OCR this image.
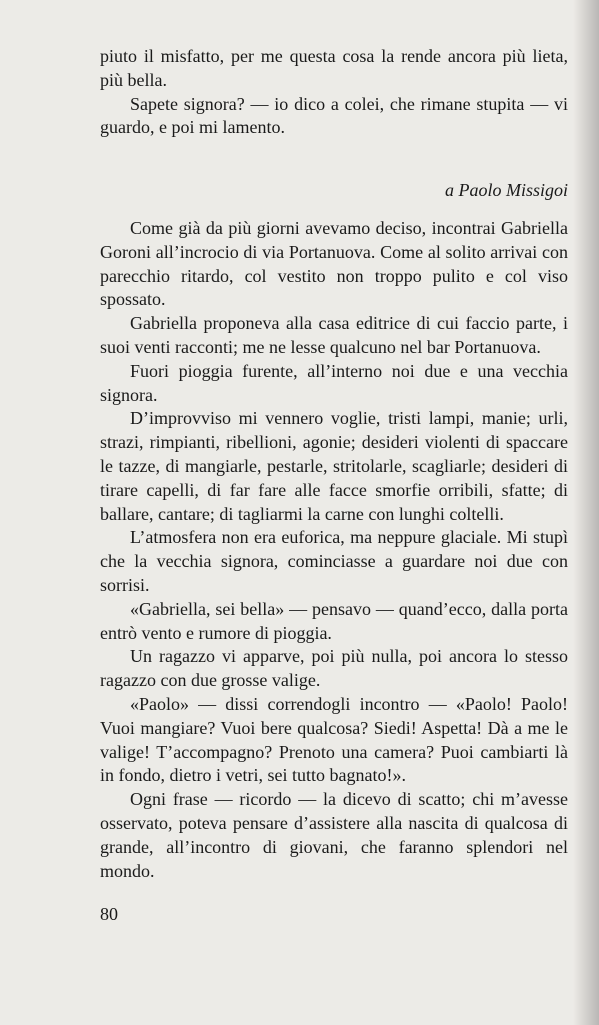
piuto il misfatto, per me questa cosa la rende ancora più lieta, più bella.

Sapete signora? — io dico a colei, che rimane stupita — vi guardo, e poi mi lamento.

a Paolo Missigoi

Come già da più giorni avevamo deciso, incontrai Gabriella Goroni all’incrocio di via Portanuova. Come al solito arrivai con parecchio ritardo, col vestito non troppo pulito e col viso spossato.

Gabriella proponeva alla casa editrice di cui faccio parte, i suoi venti racconti; me ne lesse qualcuno nel bar Portanuova.

Fuori pioggia furente, all’interno noi due e una vecchia signora.

D’improvviso mi vennero voglie, tristi lampi, manie; urli, strazi, rimpianti, ribellioni, agonie; desideri violenti di spaccare le tazze, di mangiarle, pestarle, stritolarle, scagliarle; desideri di tirare capelli, di far fare alle facce smorfie orribili, sfatte; di ballare, cantare; di tagliarmi la carne con lunghi coltelli.

L’atmosfera non era euforica, ma neppure glaciale. Mi stupì che la vecchia signora, cominciasse a guardare noi due con sorrisi.

«Gabriella, sei bella» — pensavo — quand’ecco, dalla porta entrò vento e rumore di pioggia.

Un ragazzo vi apparve, poi più nulla, poi ancora lo stesso ragazzo con due grosse valige.

«Paolo» — dissi correndogli incontro — «Paolo! Paolo! Vuoi mangiare? Vuoi bere qualcosa? Siedi! Aspetta! Dà a me le valige! T’accompagno? Prenoto una camera? Puoi cambiarti là in fondo, dietro i vetri, sei tutto bagnato!».

Ogni frase — ricordo — la dicevo di scatto; chi m’avesse osservato, poteva pensare d’assistere alla nascita di qualcosa di grande, all’incontro di giovani, che faranno splendori nel mondo.

80
